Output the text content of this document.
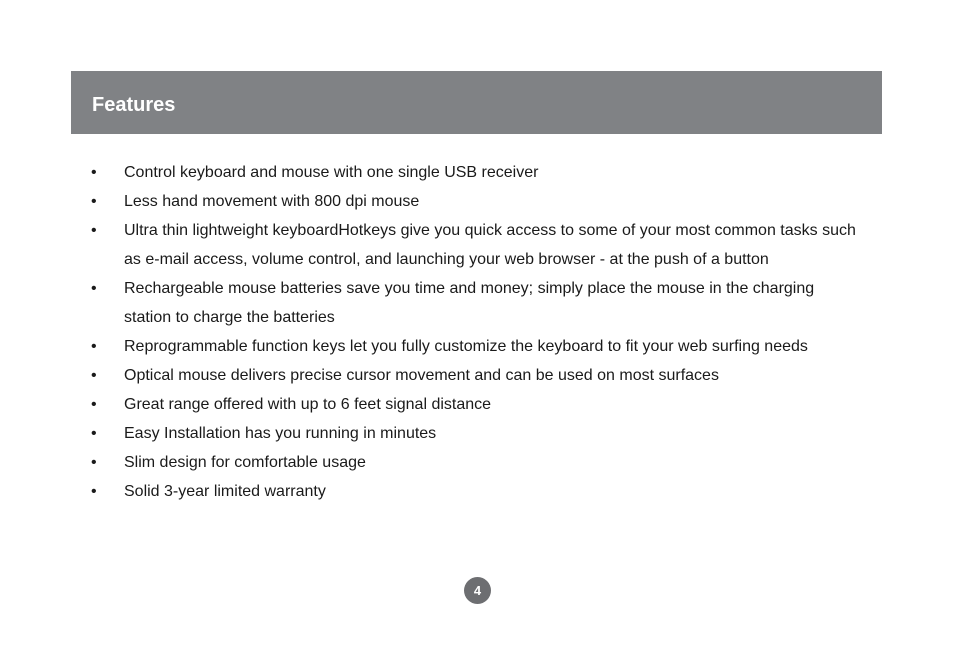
Features
• Control keyboard and mouse with one single USB receiver
• Less hand movement with 800 dpi mouse
• Ultra thin lightweight keyboardHotkeys give you quick access to some of your most common tasks such as e-mail access, volume control, and launching your web browser - at the push of a button
• Rechargeable mouse batteries save you time and money; simply place the mouse in the charging station to charge the batteries
• Reprogrammable function keys let you fully customize the keyboard to fit your web surfing needs
• Optical mouse delivers precise cursor movement and can be used on most surfaces
• Great range offered with up to 6 feet signal distance
• Easy Installation has you running in minutes
• Slim design for comfortable usage
• Solid 3-year limited warranty
4
